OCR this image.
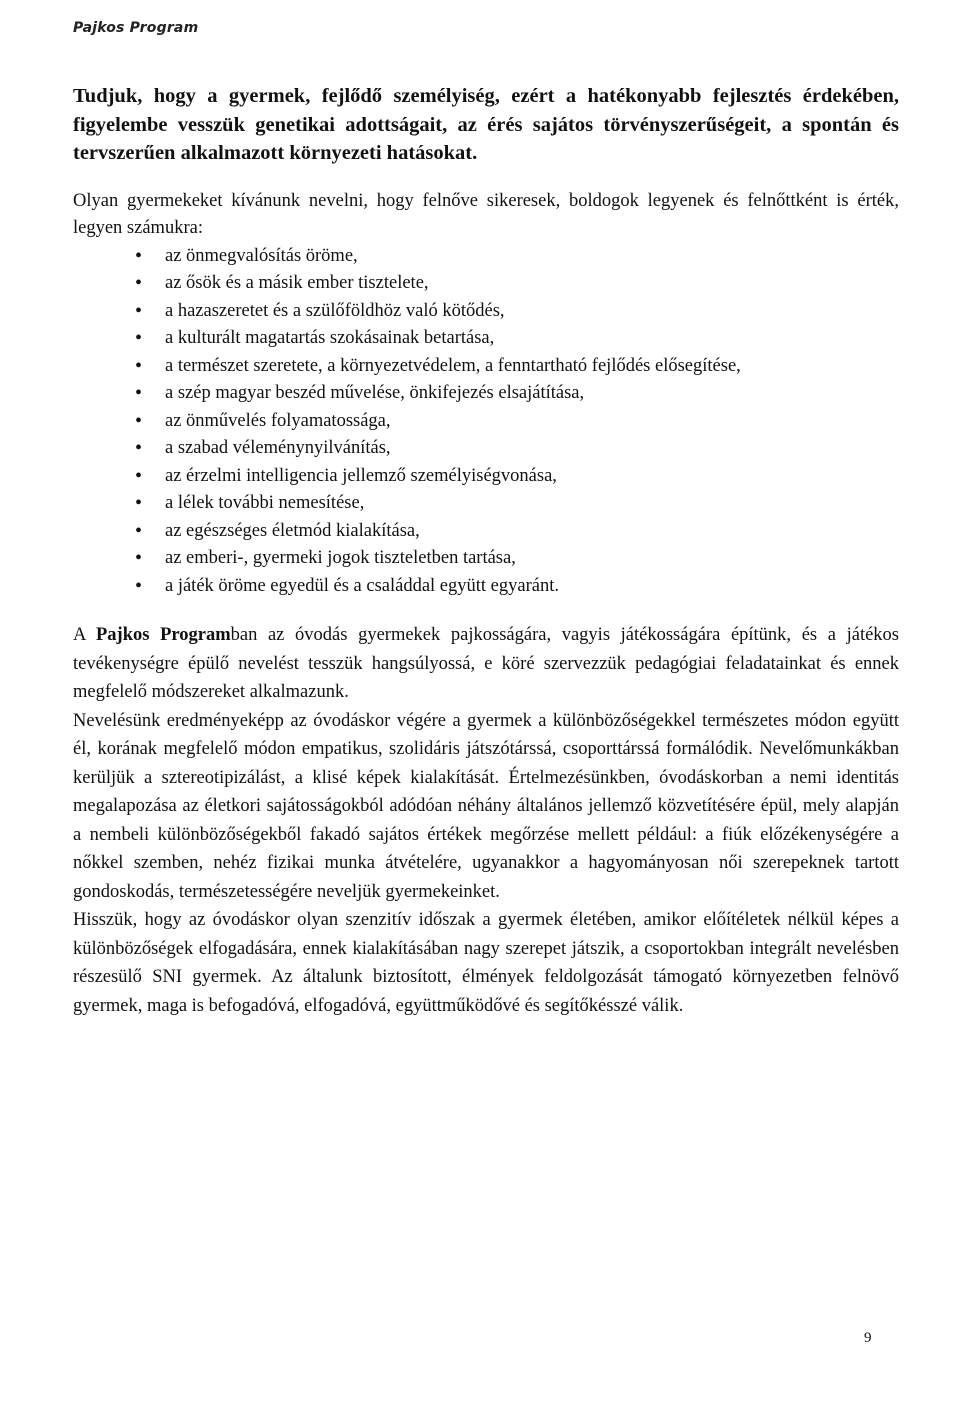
Pajkos Program

Tudjuk, hogy a gyermek, fejlődő személyiség, ezért a hatékonyabb fejlesztés érdekében, figyelembe vesszük genetikai adottságait, az érés sajátos törvényszerűségeit, a spontán és tervszerűen alkalmazott környezeti hatásokat.

Olyan gyermekeket kívánunk nevelni, hogy felnőve sikeresek, boldogok legyenek és felnőttként is érték, legyen számukra:

• az önmegvalósítás öröme,
• az ősök és a másik ember tisztelete,
• a hazaszeretet és a szülőföldhöz való kötődés,
• a kulturált magatartás szokásainak betartása,
• a természet szeretete, a környezetvédelem, a fenntartható fejlődés elősegítése,
• a szép magyar beszéd művelése, önkifejezés elsajátítása,
• az önművelés folyamatossága,
• a szabad véleménynyilvánítás,
• az érzelmi intelligencia jellemző személyiségvonása,
• a lélek további nemesítése,
• az egészséges életmód kialakítása,
• az emberi-, gyermeki jogok tiszteletben tartása,
• a játék öröme egyedül és a családdal együtt egyaránt.

A Pajkos Programban az óvodás gyermekek pajkosságára, vagyis játékosságára építünk, és a játékos tevékenységre épülő nevelést tesszük hangsúlyossá, e köré szervezzük pedagógiai feladatainkat és ennek megfelelő módszereket alkalmazunk.

Nevelésünk eredményeképp az óvodáskor végére a gyermek a különbözőségekkel természetes módon együtt él, korának megfelelő módon empatikus, szolidáris játszótárssá, csoporttárssá formálódik. Nevelőmunkákban kerüljük a sztereotipizálást, a klisé képek kialakítását. Értelmezésünkben, óvodáskorban a nemi identitás megalapozása az életkori sajátosságokból adódóan néhány általános jellemző közvetítésére épül, mely alapján a nembeli különbözőségekből fakadó sajátos értékek megőrzése mellett például: a fiúk előzékenységére a nőkkel szemben, nehéz fizikai munka átvételére, ugyanakkor a hagyományosan női szerepeknek tartott gondoskodás, természetességére neveljük gyermekeinket.

Hisszük, hogy az óvodáskor olyan szenzitív időszak a gyermek életében, amikor előítéletek nélkül képes a különbözőségek elfogadására, ennek kialakításában nagy szerepet játszik, a csoportokban integrált nevelésben részesülő SNI gyermek. Az általunk biztosított, élmények feldolgozását támogató környezetben felnövő gyermek, maga is befogadóvá, elfogadóvá, együttműködővé és segítőkésszé válik.

9
